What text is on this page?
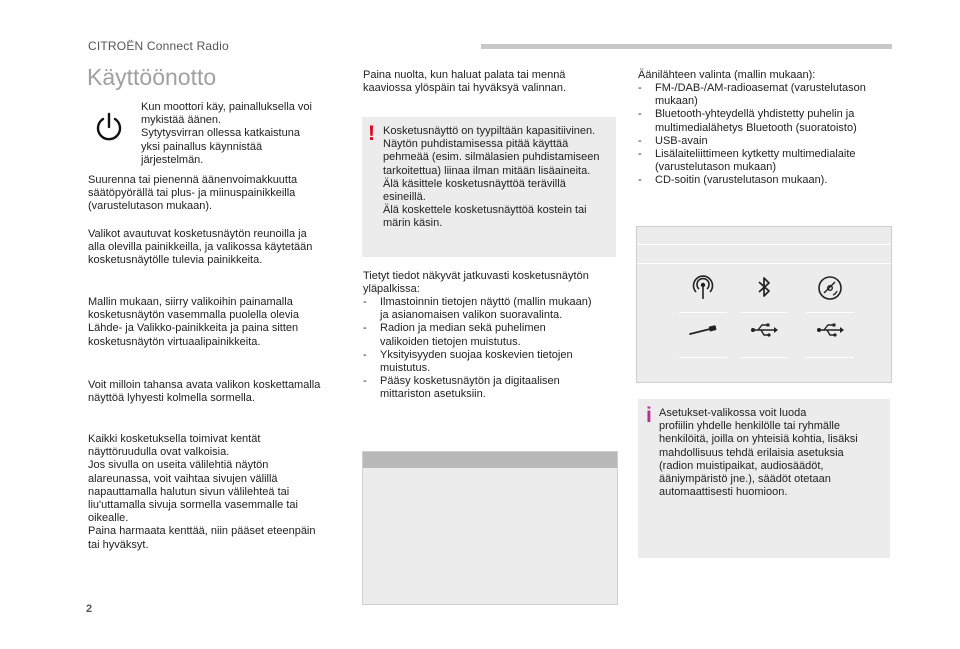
CITROËN Connect Radio
Käyttöönotto
Kun moottori käy, painalluksella voi
mykistää äänen.
Sytytysvirran ollessa katkaistuna
yksi painallus käynnistää
järjestelmän.
Suurenna tai pienennä äänenvoimakkuutta
säätöpyörällä tai plus- ja miinuspainikkeilla
(varustelutason mukaan).
Valikot avautuvat kosketusnäytön reunoilla ja
alla olevilla painikkeilla, ja valikossa käytetään
kosketusnäytölle tulevia painikkeita.
Mallin mukaan, siirry valikoihin painamalla
kosketusnäytön vasemmalla puolella olevia
Lähde- ja Valikko-painikkeita ja paina sitten
kosketusnäytön virtuaalipainikkeita.
Voit milloin tahansa avata valikon koskettamalla
näyttöä lyhyesti kolmella sormella.
Kaikki kosketuksella toimivat kentät
näyttöruudulla ovat valkoisia.
Jos sivulla on useita välilehtiä näytön
alareunassa, voit vaihtaa sivujen välillä
napauttamalla halutun sivun välilehteä tai
liu'uttamalla sivuja sormella vasemmalle tai
oikealle.
Paina harmaata kenttää, niin pääset eteenpäin
tai hyväksyt.
Paina nuolta, kun haluat palata tai mennä
kaaviossa ylöspäin tai hyväksyä valinnan.
! Kosketusnäyttö on tyypiltään kapasitiivinen.
Näytön puhdistamisessa pitää käyttää
pehmeää (esim. silmälasien puhdistamiseen
tarkoitettua) liinaa ilman mitään lisäaineita.
Älä käsittele kosketusnäyttöä terävillä
esineillä.
Älä koskettele kosketusnäyttöä kostein tai
märin käsin.
Tietyt tiedot näkyvät jatkuvasti kosketusnäytön
yläpalkissa:
- Ilmastoinnin tietojen näyttö (mallin mukaan)
ja asianomaisen valikon suoravalinta.
- Radion ja median sekä puhelimen
valikoiden tietojen muistutus.
- Yksityisyyden suojaa koskevien tietojen
muistutus.
- Pääsy kosketusnäytön ja digitaalisen
mittariston asetuksiin.
Äänilähteen valinta (mallin mukaan):
- FM-/DAB-/AM-radioasemat (varustelutason
mukaan)
- Bluetooth-yhteydellä yhdistetty puhelin ja
multimedialähetys Bluetooth (suoratoisto)
- USB-avain
- Lisälaiteliittimeen kytketty multimedialaite
(varustelutason mukaan)
- CD-soitin (varustelutason mukaan).
i Asetukset-valikossa voit luoda
profiilin yhdelle henkilölle tai ryhmälle
henkilöitä, joilla on yhteisiä kohtia, lisäksi
mahdollisuus tehdä erilaisia asetuksia
(radion muistipaikat, audiosäädöt,
ääniympäristö jne.), säädöt otetaan
automaattisesti huomioon.
2
